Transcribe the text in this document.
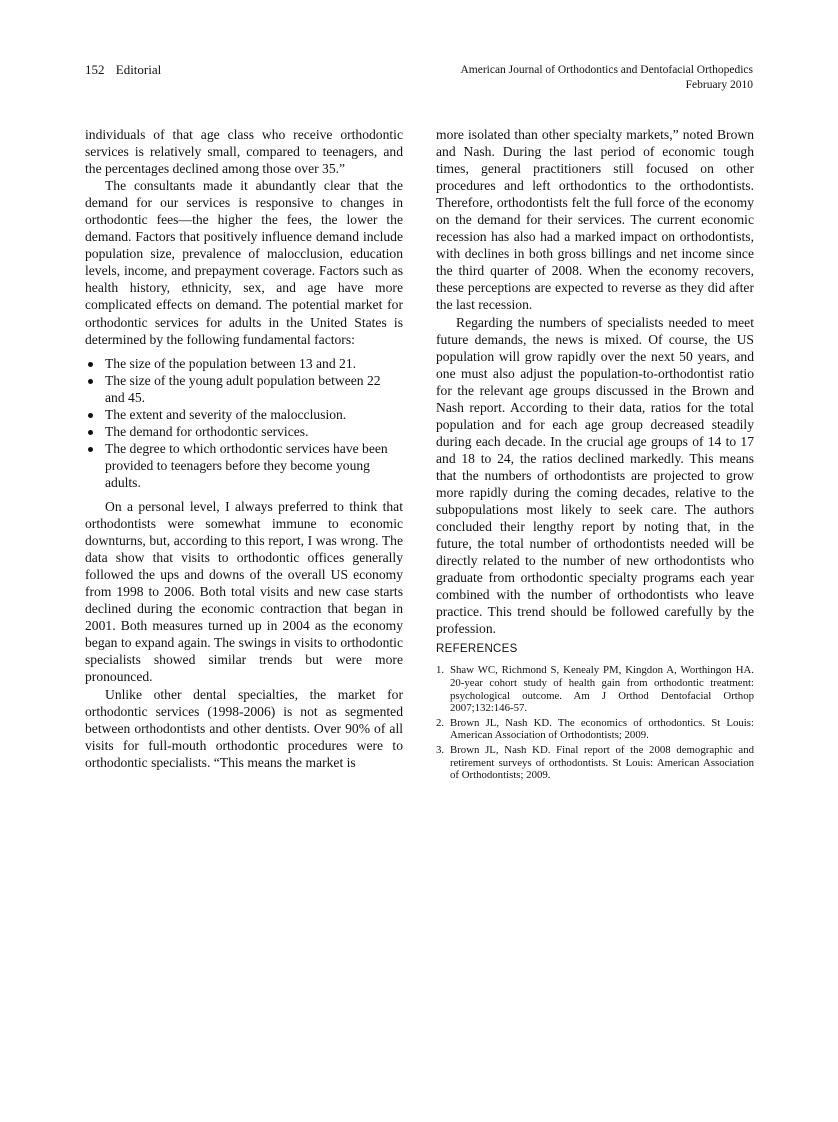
152 Editorial	American Journal of Orthodontics and Dentofacial Orthopedics
February 2010

individuals of that age class who receive orthodontic services is relatively small, compared to teenagers, and the percentages declined among those over 35.”

The consultants made it abundantly clear that the demand for our services is responsive to changes in orthodontic fees—the higher the fees, the lower the demand. Factors that positively influence demand include population size, prevalence of malocclusion, education levels, income, and prepayment coverage. Factors such as health history, ethnicity, sex, and age have more complicated effects on demand. The potential market for orthodontic services for adults in the United States is determined by the following fundamental factors:

The size of the population between 13 and 21.
The size of the young adult population between 22 and 45.
The extent and severity of the malocclusion.
The demand for orthodontic services.
The degree to which orthodontic services have been provided to teenagers before they become young adults.

On a personal level, I always preferred to think that orthodontists were somewhat immune to economic downturns, but, according to this report, I was wrong. The data show that visits to orthodontic offices generally followed the ups and downs of the overall US economy from 1998 to 2006. Both total visits and new case starts declined during the economic contraction that began in 2001. Both measures turned up in 2004 as the economy began to expand again. The swings in visits to orthodontic specialists showed similar trends but were more pronounced.

Unlike other dental specialties, the market for orthodontic services (1998-2006) is not as segmented between orthodontists and other dentists. Over 90% of all visits for full-mouth orthodontic procedures were to orthodontic specialists. “This means the market is

more isolated than other specialty markets,” noted Brown and Nash. During the last period of economic tough times, general practitioners still focused on other procedures and left orthodontics to the orthodontists. Therefore, orthodontists felt the full force of the economy on the demand for their services. The current economic recession has also had a marked impact on orthodontists, with declines in both gross billings and net income since the third quarter of 2008. When the economy recovers, these perceptions are expected to reverse as they did after the last recession.

Regarding the numbers of specialists needed to meet future demands, the news is mixed. Of course, the US population will grow rapidly over the next 50 years, and one must also adjust the population-to-orthodontist ratio for the relevant age groups discussed in the Brown and Nash report. According to their data, ratios for the total population and for each age group decreased steadily during each decade. In the crucial age groups of 14 to 17 and 18 to 24, the ratios declined markedly. This means that the numbers of orthodontists are projected to grow more rapidly during the coming decades, relative to the subpopulations most likely to seek care. The authors concluded their lengthy report by noting that, in the future, the total number of orthodontists needed will be directly related to the number of new orthodontists who graduate from orthodontic specialty programs each year combined with the number of orthodontists who leave practice. This trend should be followed carefully by the profession.

REFERENCES
1. Shaw WC, Richmond S, Kenealy PM, Kingdon A, Worthingon HA. 20-year cohort study of health gain from orthodontic treatment: psychological outcome. Am J Orthod Dentofacial Orthop 2007;132:146-57.
2. Brown JL, Nash KD. The economics of orthodontics. St Louis: American Association of Orthodontists; 2009.
3. Brown JL, Nash KD. Final report of the 2008 demographic and retirement surveys of orthodontists. St Louis: American Association of Orthodontists; 2009.
